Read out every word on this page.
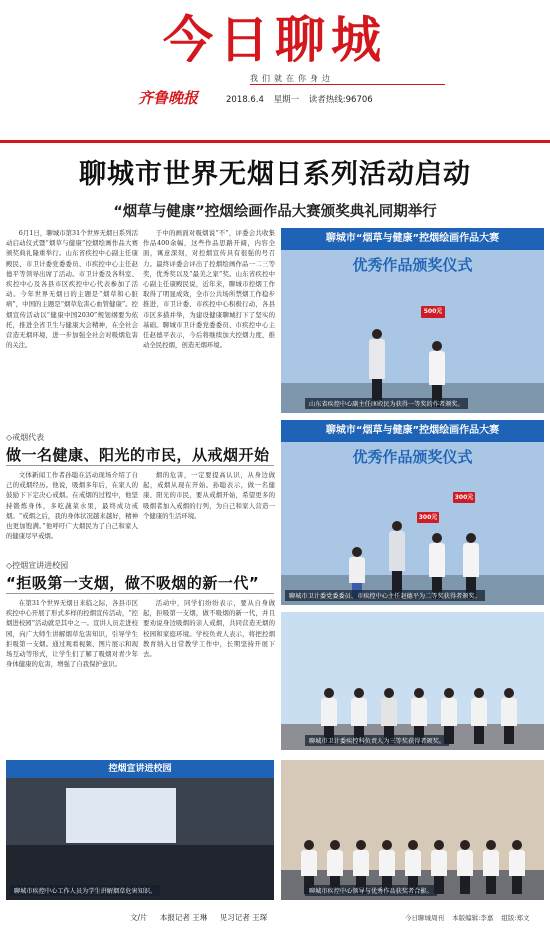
今日聊城
我们就在你身边
齐鲁晚报	2018.6.4 星期一 读者热线:96706
聊城市世界无烟日系列活动启动
“烟草与健康”控烟绘画作品大赛颁奖典礼同期举行

6月1日，聊城市第31个世界无烟日系列活动启动仪式暨“烟草与健康”控烟绘画作品大赛颁奖典礼隆重举行。山东省疾控中心副主任康殿民、市卫计委党委委员、市疾控中心主任赵德平等领导出席了活动。市卫计委及各科室、疾控中心及各县市区疾控中心代表参加了活动。今年世界无烟日的主题是“烟草和心脏病”，中国的主题是“烟草危害心血管健康”。控烟宣传活动以“健康中国2030”规划纲要为依托，推进全省卫生与健康大会精神，在全社会营造无烟环境，进一步加强全社会对吸烟危害的关注。

于中的画面对吸烟说“不”，评委会共收集作品400余幅，这些作品思路开阔，内容全面，寓意深刻，对控烟宣传具有很强的号召力。最终评委会评出了控烟绘画作品一二三等奖，优秀奖以及“最美之家”奖。山东省疾控中心副主任康殿民说，近年来，聊城市控烟工作取得了明显成效，全市公共场所禁烟工作稳步推进，市卫计委、市疾控中心积极行动，各县市区多措并举，为建设健康聊城打下了坚实的基础。聊城市卫计委党委委员、市疾控中心主任赵德平表示，今后将继续加大控烟力度，推动全民控烟，创造无烟环境。

◇戒烟代表
做一名健康、阳光的市民，从戒烟开始

文体新闻工作者孙聪在活动现场介绍了自己的戒烟经历。他说，吸烟多年后，在家人的鼓励下下定决心戒烟。在戒烟的过程中，他坚持锻炼身体，多吃蔬菜水果，最终成功戒烟。“戒烟之后，我的身体状况越来越好，精神也更加饱满。”他呼吁广大烟民为了自己和家人的健康尽早戒烟。

烟的危害，一定要提高认识，从身边做起，戒烟从现在开始。孙聪表示，做一名健康、阳光的市民，要从戒烟开始，希望更多的吸烟者加入戒烟的行列，为自己和家人营造一个健康的生活环境。

◇控烟宣讲进校园
“拒吸第一支烟，做不吸烟的新一代”

在第31个世界无烟日来临之际，各县市区疾控中心开展了形式多样的控烟宣传活动，“控烟进校园”活动就是其中之一。宣讲人员走进校园，向广大师生讲解烟草危害知识，引导学生拒吸第一支烟。通过观看视频、图片展示和现场互动等形式，让学生们了解了吸烟对青少年身体健康的危害，增强了自我保护意识。

活动中，同学们纷纷表示，要从自身做起，拒吸第一支烟，做不吸烟的新一代，并且要劝说身边吸烟的亲人戒烟，共同营造无烟的校园和家庭环境。学校负责人表示，将把控烟教育纳入日常教学工作中，长期坚持开展下去。

聊城市“烟草与健康”控烟绘画作品大赛
优秀作品颁奖仪式
500元
山东省疾控中心副主任康殿民为获得一等奖的作者颁奖。
聊城市“烟草与健康”控烟绘画作品大赛
优秀作品颁奖仪式
300元
300元
聊城市卫计委党委委员、市疾控中心主任赵德平为二等奖获得者颁奖。
聊城市卫计委疾控科负责人为三等奖获得者颁奖。
控烟宣讲进校园
聊城市疾控中心工作人员为学生讲解烟草危害知识。	聊城市疾控中心领导与优秀作品获奖者合影。
文/片 本报记者 王琳 见习记者 王琛	今日聊城周刊 本版编辑:李嘉 组版:郑文
